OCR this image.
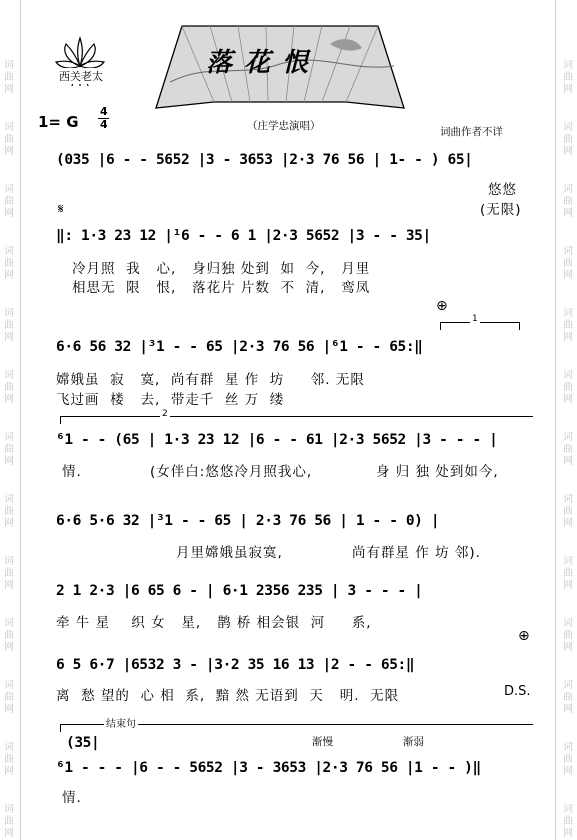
词
曲
网
词
曲
网
词
曲
网
词
曲
网
词
曲
网
词
曲
网
词
曲
网
词
曲
网
词
曲
网
词
曲
网
词
曲
网
词
曲
网
词
曲
网
词
曲
网
词
曲
网
词
曲
网
词
曲
网
词
曲
网
词
曲
网
词
曲
网
词
曲
网
词
曲
网
词
曲
网
词
曲
网
词
曲
网
词
曲
网
西关老太	落花恨
1= G
4
4	（庄学忠演唱）	词曲作者不详
(035 |6 - - 5652 |3 - 3653 |2·3 76 56 | 1- - ) 65|
悠悠
(无限)
𝄋
‖: 1·3 23 12 |¹6 - - 6 1 |2·3 5652 |3 - - 35|
冷月照  我   心,   身归独 处到  如  今,   月里
相思无  限   恨,   落花片 片数  不  清,   鸾凤
⊕
1
6·6 56 32 |³1 - - 65 |2·3 76 56 |⁶1 - - 65:‖
嫦娥虽  寂   寞,  尚有群  星 作  坊     邻. 无限
飞过画  楼   去,  带走千  丝 万  缕
2
⁶1 - - (65 | 1·3 23 12 |6 - - 61 |2·3 5652 |3 - - - |
情.	(女伴白:悠悠冷月照我心,	身 归 独 处到如今,
6·6 5·6 32 |³1 - - 65 | 2·3 76 56 | 1 - - 0) |
月里嫦娥虽寂寞,	尚有群星 作 坊 邻).
2 1 2·3 |6 65 6 - | 6·1 2356 235 | 3 - - - |
牵 牛 星    织 女   星,   鹊 桥 相会银  河     系,
⊕
6 5 6·7 |6532 3 - |3·2 35 16 13 |2 - - 65:‖
离  愁 望的  心 相  系,  黯 然 无语到  天   明.  无限	D.S.
结束句
渐慢	渐弱
(35|
⁶1 - - - |6 - - 5652 |3 - 3653 |2·3 76 56 |1 - - )‖
情.
